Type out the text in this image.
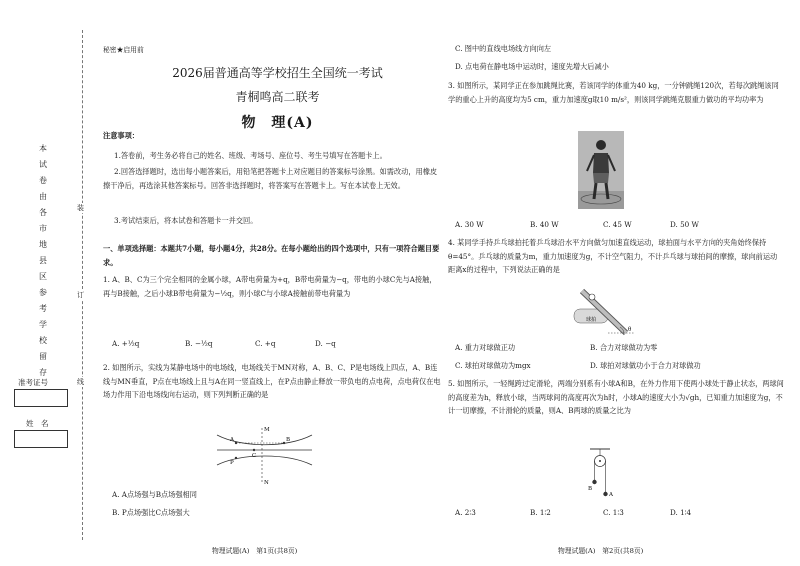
本
试
卷
由
各
市
地
县
区
参
考
学
校
留
存
装
订
线
准考证号
姓　名
秘密★启用前
2026届普通高等学校招生全国统一考试
青桐鸣高二联考
物　理(A)
注意事项：
1.答卷前，考生务必将自己的姓名、班级、考场号、座位号、考生号填写在答题卡上。
2.回答选择题时，选出每小题答案后，用铅笔把答题卡上对应题目的答案标号涂黑。如需改动，用橡皮擦干净后，再选涂其他答案标号。回答非选择题时，将答案写在答题卡上。写在本试卷上无效。
3.考试结束后，将本试卷和答题卡一并交回。
一、单项选择题：本题共7小题，每小题4分，共28分。在每小题给出的四个选项中，只有一项符合题目要求。
1. A、B、C为三个完全相同的金属小球，A带电荷量为+q，B带电荷量为−q，带电的小球C先与A接触，再与B接触，之后小球B带电荷量为−½q，则小球C与小球A接触前带电荷量为
A. +½q	B. −½q	C. +q	D. −q
2. 如图所示，实线为某静电场中的电场线，电场线关于MN对称，A、B、C、P是电场线上四点，A、B连线与MN垂直，P点在电场线上且与A在同一竖直线上，在P点由静止释放一带负电的点电荷，点电荷仅在电场力作用下沿电场线向右运动，则下列判断正确的是
M
N
A	B
C
P
A. A点场强与B点场强相同
B. P点场强比C点场强大
物理试题(A)　第1页(共8页)
C. 图中的直线电场线方向向左
D. 点电荷在静电场中运动时，速度先增大后减小
3. 如图所示，某同学正在参加跳绳比赛，若该同学的体重为40 kg，一分钟跳绳120次，若每次跳绳该同学的重心上升的高度均为5 cm，重力加速度g取10 m/s²，则该同学跳绳克服重力做功的平均功率为
A. 30 W	B. 40 W	C. 45 W	D. 50 W
4. 某同学手持乒乓球拍托着乒乓球沿水平方向做匀加速直线运动，球拍面与水平方向的夹角始终保持θ=45°。乒乓球的质量为m，重力加速度为g，不计空气阻力，不计乒乓球与球拍间的摩擦，球向前运动距离x的过程中，下列说法正确的是
球拍
θ
A. 重力对球做正功	B. 合力对球做功为零
C. 球拍对球做功为mgx	D. 球拍对球做功小于合力对球做功
5. 如图所示，一轻绳跨过定滑轮，两端分别系有小球A和B，在外力作用下使两小球处于静止状态，两球间的高度差为h，释放小球，当两球间的高度再次为h时，小球A的速度大小为√gh，已知重力加速度为g，不计一切摩擦，不计滑轮的质量，则A、B两球的质量之比为
B
A
A. 2∶3	B. 1∶2	C. 1∶3	D. 1∶4
物理试题(A)　第2页(共8页)
